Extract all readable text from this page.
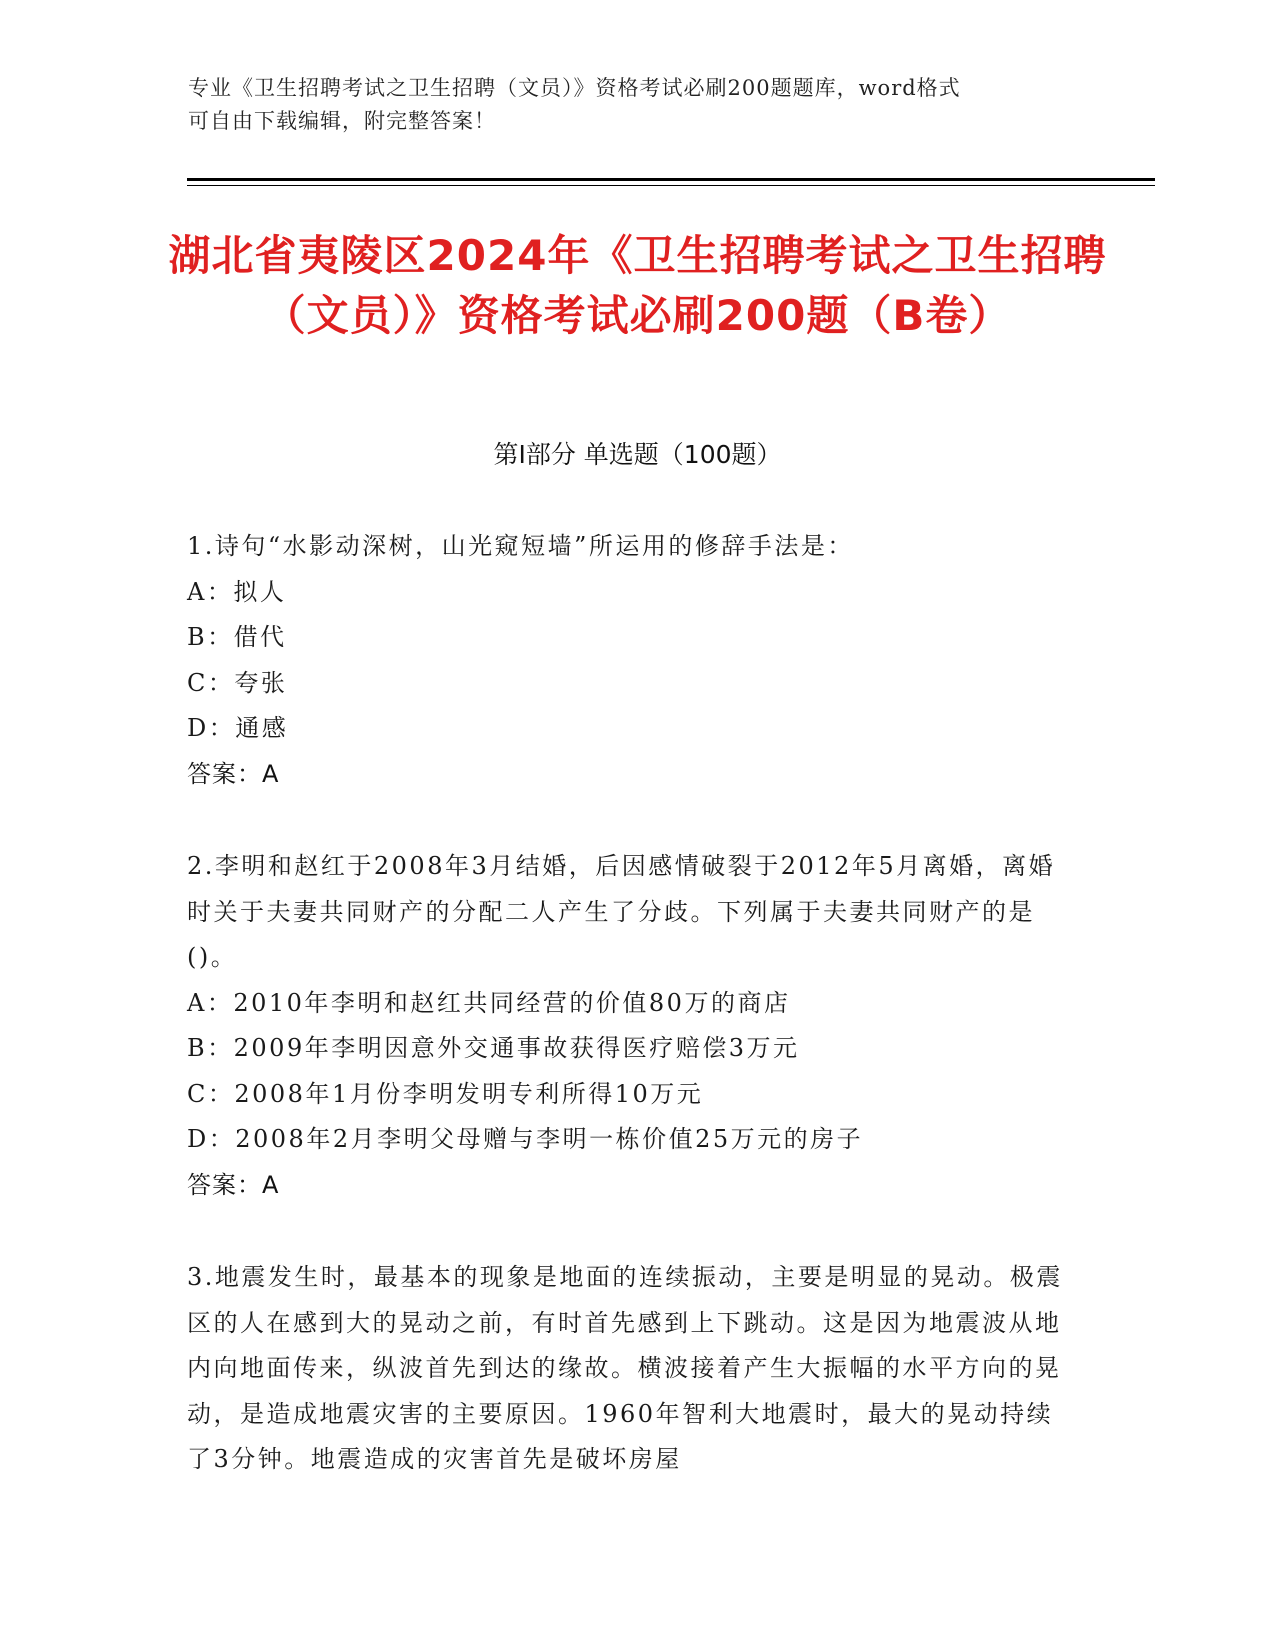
专业《卫生招聘考试之卫生招聘（文员）》资格考试必刷200题题库，word格式
可自由下载编辑，附完整答案！
湖北省夷陵区2024年《卫生招聘考试之卫生招聘（文员）》资格考试必刷200题（B卷）
第I部分 单选题（100题）

1.诗句“水影动深树，山光窥短墙”所运用的修辞手法是：

A：拟人

B：借代

C：夸张

D：通感

答案：A

2.李明和赵红于2008年3月结婚，后因感情破裂于2012年5月离婚，离婚时关于夫妻共同财产的分配二人产生了分歧。下列属于夫妻共同财产的是()。

A：2010年李明和赵红共同经营的价值80万的商店

B：2009年李明因意外交通事故获得医疗赔偿3万元

C：2008年1月份李明发明专利所得10万元

D：2008年2月李明父母赠与李明一栋价值25万元的房子

答案：A

3.地震发生时，最基本的现象是地面的连续振动，主要是明显的晃动。极震区的人在感到大的晃动之前，有时首先感到上下跳动。这是因为地震波从地内向地面传来，纵波首先到达的缘故。横波接着产生大振幅的水平方向的晃动，是造成地震灾害的主要原因。1960年智利大地震时，最大的晃动持续了3分钟。地震造成的灾害首先是破坏房屋
